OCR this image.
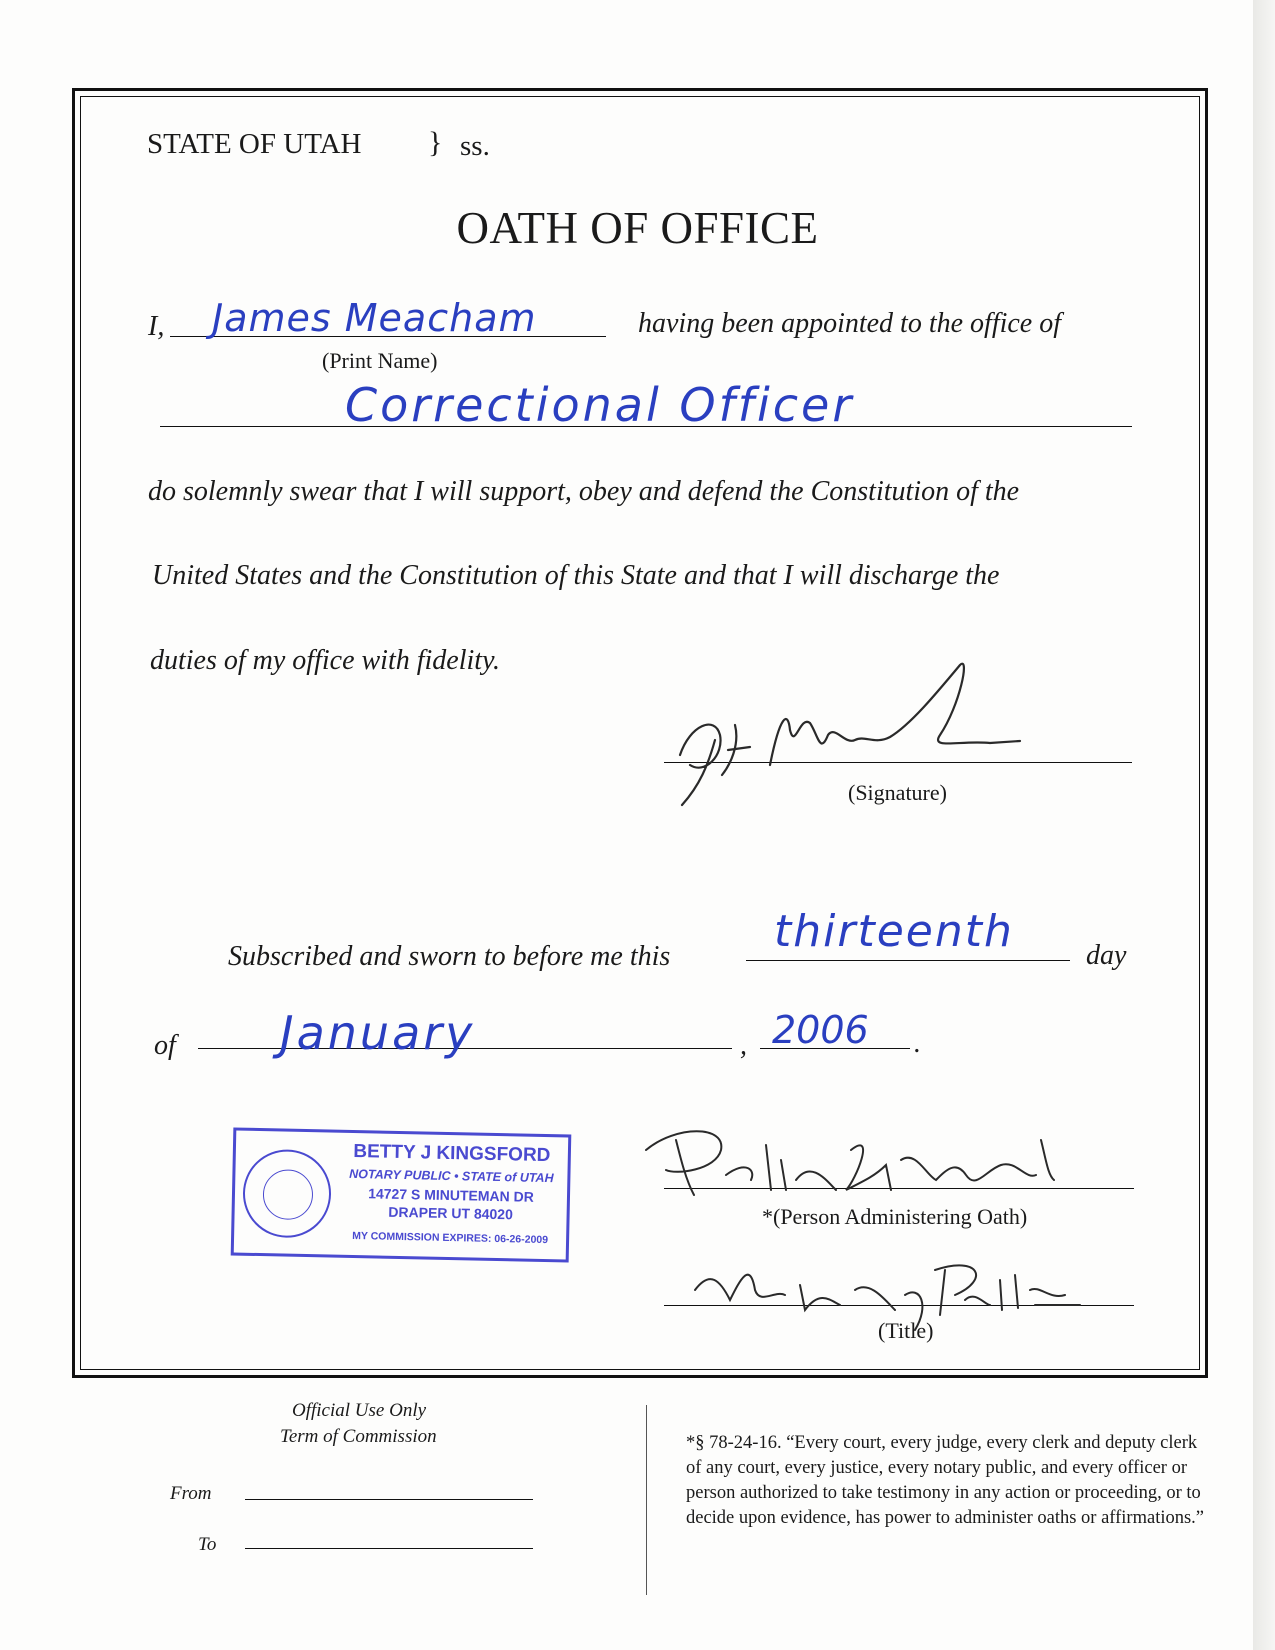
STATE OF UTAH } ss.
OATH OF OFFICE
I, James Meacham
(Print Name)
having been appointed to the office of
Correctional Officer
do solemnly swear that I will support, obey and defend the Constitution of the
United States and the Constitution of this State and that I will discharge the
duties of my office with fidelity.
(Signature)
Subscribed and sworn to before me this thirteenth	day
of January	, 2006 .
BETTY J KINGSFORD
NOTARY PUBLIC • STATE of UTAH
14727 S MINUTEMAN DR
DRAPER UT 84020
MY COMMISSION EXPIRES: 06-26-2009
*(Person Administering Oath)
(Title)
Official Use Only
Term of Commission
From
To
*§ 78-24-16. “Every court, every judge, every clerk and deputy clerk of any court, every justice, every notary public, and every officer or person authorized to take testimony in any action or proceeding, or to decide upon evidence, has power to administer oaths or affirmations.”
